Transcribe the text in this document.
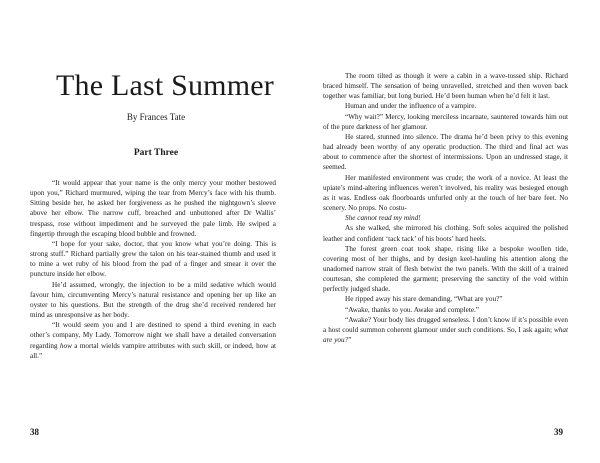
The Last Summer
By Frances Tate
Part Three

“It would appear that your name is the only mercy your mother bestowed upon you,” Richard murmured, wiping the tear from Mercy’s face with his thumb. Sitting beside her, he asked her forgiveness as he pushed the nightgown’s sleeve above her elbow. The narrow cuff, breached and unbuttoned after Dr Wallis’ trespass, rose without impediment and he surveyed the pale limb. He swiped a fingertip through the escaping blood bubble and frowned.

“I hope for your sake, doctor, that you know what you’re doing. This is strong stuff.” Richard partially grew the talon on his tear-stained thumb and used it to mine a wet ruby of his blood from the pad of a finger and smear it over the puncture inside her elbow.

He’d assumed, wrongly, the injection to be a mild sedative which would favour him, circumventing Mercy’s natural resistance and opening her up like an oyster to his questions. But the strength of the drug she’d received rendered her mind as unresponsive as her body.

“It would seem you and I are destined to spend a third evening in each other’s company, My Lady. Tomorrow night we shall have a detailed conversation regarding how a mortal wields vampire attributes with such skill, or indeed, how at all.”

38

The room tilted as though it were a cabin in a wave-tossed ship. Richard braced himself. The sensation of being unravelled, stretched and then woven back together was familiar, but long buried. He’d been human when he’d felt it last.

Human and under the influence of a vampire.

“Why wait?” Mercy, looking merciless incarnate, sauntered towards him out of the pure darkness of her glamour.

He stared, stunned into silence. The drama he’d been privy to this evening had already been worthy of any operatic production. The third and final act was about to commence after the shortest of intermissions. Upon an undressed stage, it seemed.

Her manifested environment was crude; the work of a novice. At least the upiate’s mind-altering influences weren’t involved, his reality was besieged enough as it was. Endless oak floorboards unfurled only at the touch of her bare feet. No scenery. No props. No costu-

She cannot read my mind!

As she walked, she mirrored his clothing. Soft soles acquired the polished leather and confident ‘tack tack’ of his boots’ hard heels.

The forest green coat took shape, rising like a bespoke woollen tide, covering most of her thighs, and by design keel-hauling his attention along the unadorned narrow strait of flesh betwixt the two panels. With the skill of a trained courtesan, she completed the garment; preserving the sanctity of the void within perfectly judged shade.

He ripped away his stare demanding, “What are you?”

“Awake, thanks to you. Awake and complete.”

“Awake? Your body lies drugged senseless. I don’t know if it’s possible even a host could summon coherent glamour under such conditions. So, I ask again; what are you?”

39
